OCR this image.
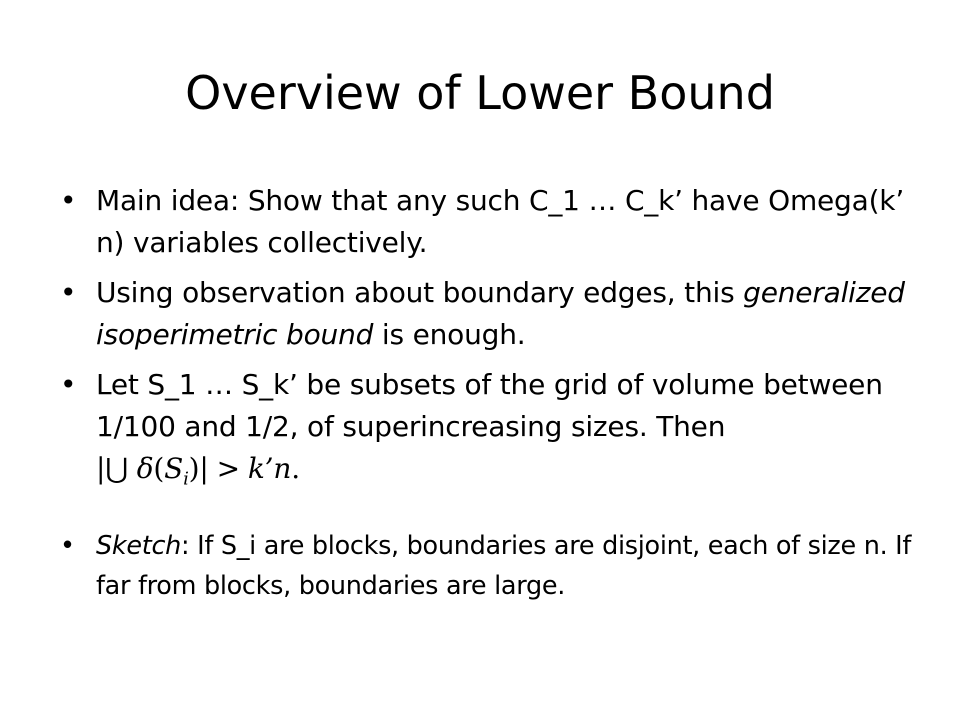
Overview of Lower Bound
• Main idea: Show that any such C_1 … C_k’ have Omega(k’ n) variables collectively.
• Using observation about boundary edges, this generalized isoperimetric bound is enough.
• Let S_1 … S_k’ be subsets of the grid of volume between 1/100 and 1/2, of superincreasing sizes. Then |⋃ $\delta(S_i)|$ > k’n.
• Sketch: If S_i are blocks, boundaries are disjoint, each of size n. If far from blocks, boundaries are large.
